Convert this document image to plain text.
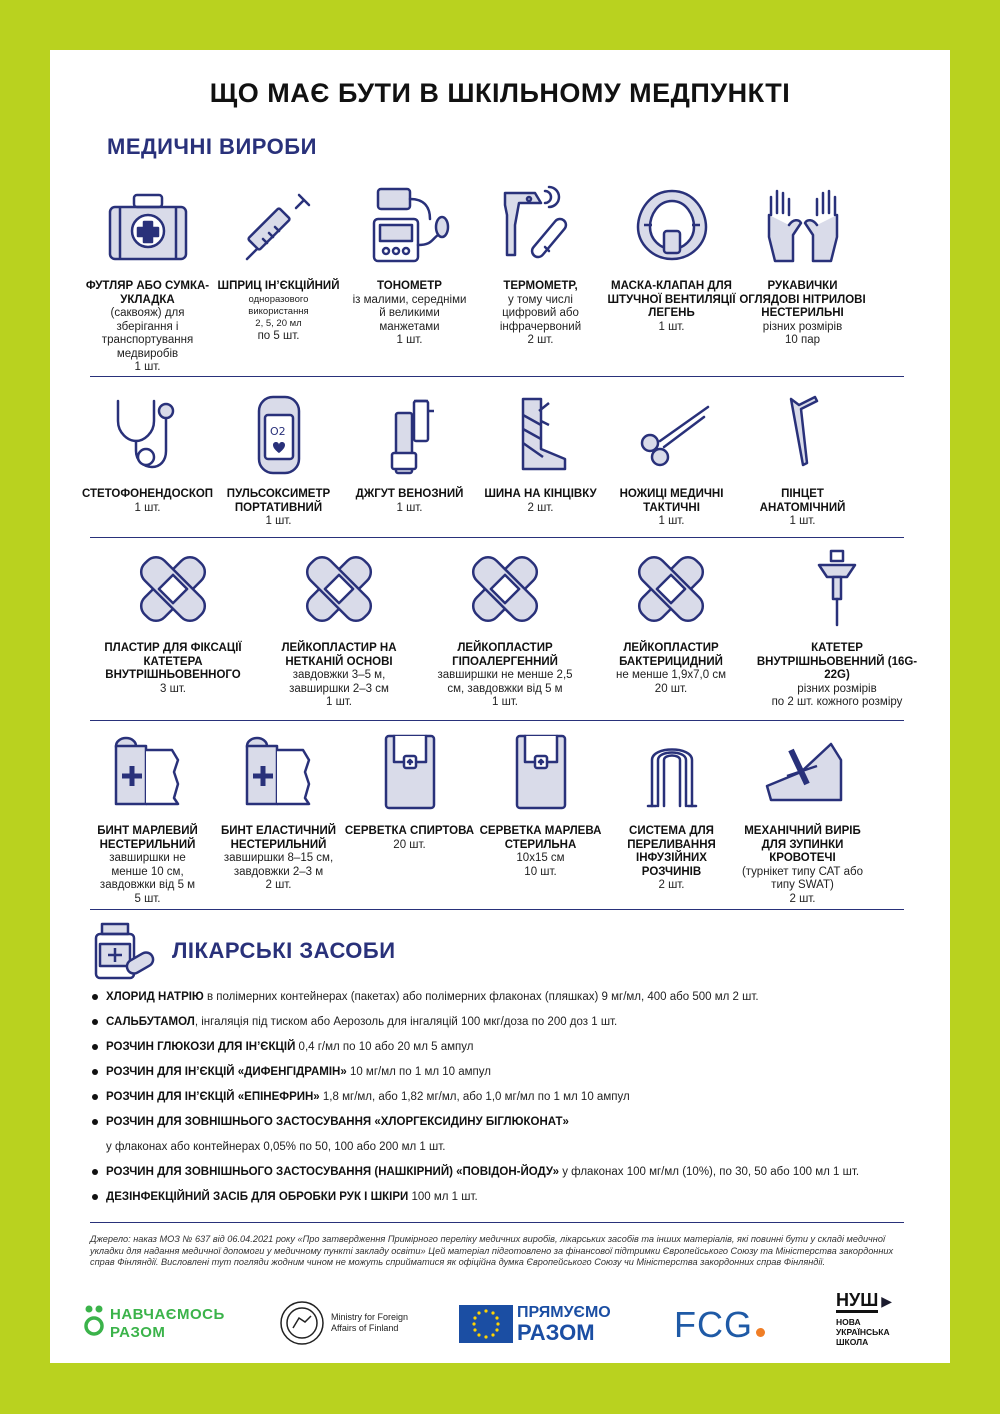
ЩО МАЄ БУТИ В ШКІЛЬНОМУ МЕДПУНКТІ
МЕДИЧНІ ВИРОБИ
ФУТЛЯР АБО СУМКА-УКЛАДКА
(саквояж) для зберігання і
транспортування
медвиробів
1 шт.
ШПРИЦ ІН’ЄКЦІЙНИЙ
одноразового
використання
2, 5, 20 мл
по 5 шт.
ТОНОМЕТР
із малими, середніми
й великими
манжетами
1 шт.
ТЕРМОМЕТР,
у тому числі
цифровий або
інфрачервоний
2 шт.
МАСКА-КЛАПАН ДЛЯ ШТУЧНОЇ ВЕНТИЛЯЦІЇ ЛЕГЕНЬ
1 шт.
РУКАВИЧКИ ОГЛЯДОВІ НІТРИЛОВІ НЕСТЕРИЛЬНІ
різних розмірів
10 пар
СТЕТОФОНЕНДОСКОП
1 шт.
O2
ПУЛЬСОКСИМЕТР ПОРТАТИВНИЙ
1 шт.
ДЖГУТ ВЕНОЗНИЙ
1 шт.
ШИНА НА КІНЦІВКУ
2 шт.
НОЖИЦІ МЕДИЧНІ ТАКТИЧНІ
1 шт.
ПІНЦЕТ АНАТОМІЧНИЙ
1 шт.
ПЛАСТИР ДЛЯ ФІКСАЦІЇ КАТЕТЕРА ВНУТРІШНЬОВЕННОГО
3 шт.
ЛЕЙКОПЛАСТИР НА НЕТКАНІЙ ОСНОВІ
завдовжки 3–5 м,
завширшки 2–3 см
1 шт.
ЛЕЙКОПЛАСТИР ГІПОАЛЕРГЕННИЙ
завширшки не менше 2,5
см, завдовжки від 5 м
1 шт.
ЛЕЙКОПЛАСТИР БАКТЕРИЦИДНИЙ
не менше 1,9х7,0 см
20 шт.
КАТЕТЕР ВНУТРІШНЬОВЕННИЙ (16G-22G)
різних розмірів
по 2 шт. кожного розміру
БИНТ МАРЛЕВИЙ НЕСТЕРИЛЬНИЙ
завширшки не
менше 10 см,
завдовжки від 5 м
5 шт.
БИНТ ЕЛАСТИЧНИЙ НЕСТЕРИЛЬНИЙ
завширшки 8–15 см,
завдовжки 2–3 м
2 шт.
СЕРВЕТКА СПИРТОВА
20 шт.
СЕРВЕТКА МАРЛЕВА СТЕРИЛЬНА
10х15 см
10 шт.
СИСТЕМА ДЛЯ ПЕРЕЛИВАННЯ ІНФУЗІЙНИХ РОЗЧИНІВ
2 шт.
МЕХАНІЧНИЙ ВИРІБ ДЛЯ ЗУПИНКИ КРОВОТЕЧІ
(турнікет типу САТ або типу SWAT)
2 шт.
ЛІКАРСЬКІ ЗАСОБИ
ХЛОРИД НАТРІЮ в полімерних контейнерах (пакетах) або полімерних флаконах (пляшках) 9 мг/мл, 400 або 500 мл 2 шт.
САЛЬБУТАМОЛ, інгаляція під тиском або Аерозоль для інгаляцій 100 мкг/доза по 200 доз 1 шт.
РОЗЧИН ГЛЮКОЗИ ДЛЯ ІН’ЄКЦІЙ 0,4 г/мл по 10 або 20 мл 5 ампул
РОЗЧИН ДЛЯ ІН’ЄКЦІЙ «ДИФЕНГІДРАМІН» 10 мг/мл по 1 мл 10 ампул
РОЗЧИН ДЛЯ ІН’ЄКЦІЙ «ЕПІНЕФРИН» 1,8 мг/мл, або 1,82 мг/мл, або 1,0 мг/мл по 1 мл 10 ампул
РОЗЧИН ДЛЯ ЗОВНІШНЬОГО ЗАСТОСУВАННЯ «ХЛОРГЕКСИДИНУ БІГЛЮКОНАТ»
у флаконах або контейнерах 0,05% по 50, 100 або 200 мл 1 шт.
РОЗЧИН ДЛЯ ЗОВНІШНЬОГО ЗАСТОСУВАННЯ (НАШКІРНИЙ) «ПОВІДОН-ЙОДУ» у флаконах 100 мг/мл (10%), по 30, 50 або 100 мл 1 шт.
ДЕЗІНФЕКЦІЙНИЙ ЗАСІБ ДЛЯ ОБРОБКИ РУК І ШКІРИ 100 мл 1 шт.
Джерело: наказ МОЗ № 637 від 06.04.2021 року «Про затвердження Примірного переліку медичних виробів, лікарських засобів та інших матеріалів, які повинні бути у складі медичної укладки для надання медичної допомоги у медичному пункті закладу освіти» Цей матеріал підготовлено за фінансової підтримки Європейського Союзу та Міністерства закордонних справ Фінляндії. Висловлені тут погляди жодним чином не можуть сприйматися як офіційна думка Європейського Союзу чи Міністерства закордонних справ Фінляндії.
НАВЧАЄМОСЬ
РАЗОМ
Ministry for Foreign
Affairs of Finland
ПРЯМУЄМО
РАЗОМ	FCG
НУШ ▶
НОВА
УКРАЇНСЬКА
ШКОЛА
